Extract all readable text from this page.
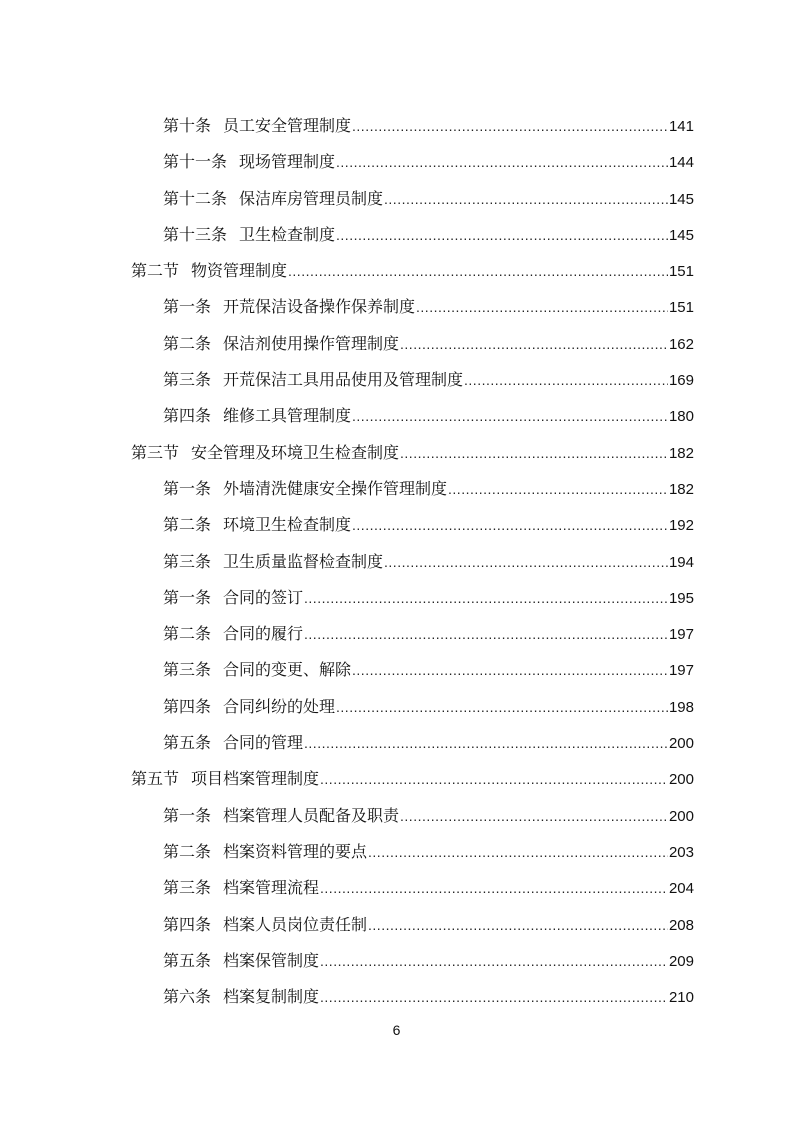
第十条 员工安全管理制度 .....	141
第十一条 现场管理制度 .....	144
第十二条 保洁库房管理员制度 .....	145
第十三条 卫生检查制度 .....	145
第二节 物资管理制度 .....	151
第一条 开荒保洁设备操作保养制度 .....	151
第二条 保洁剂使用操作管理制度 .....	162
第三条 开荒保洁工具用品使用及管理制度 .....	169
第四条 维修工具管理制度 .....	180
第三节 安全管理及环境卫生检查制度 .....	182
第一条 外墙清洗健康安全操作管理制度 .....	182
第二条 环境卫生检查制度 .....	192
第三条 卫生质量监督检查制度 .....	194
第一条 合同的签订 .....	195
第二条 合同的履行 .....	197
第三条 合同的变更、解除 .....	197
第四条 合同纠纷的处理 .....	198
第五条 合同的管理 .....	200
第五节 项目档案管理制度 .....	200
第一条 档案管理人员配备及职责 .....	200
第二条 档案资料管理的要点 .....	203
第三条 档案管理流程 .....	204
第四条 档案人员岗位责任制 .....	208
第五条 档案保管制度 .....	209
第六条 档案复制制度 .....	210
6
